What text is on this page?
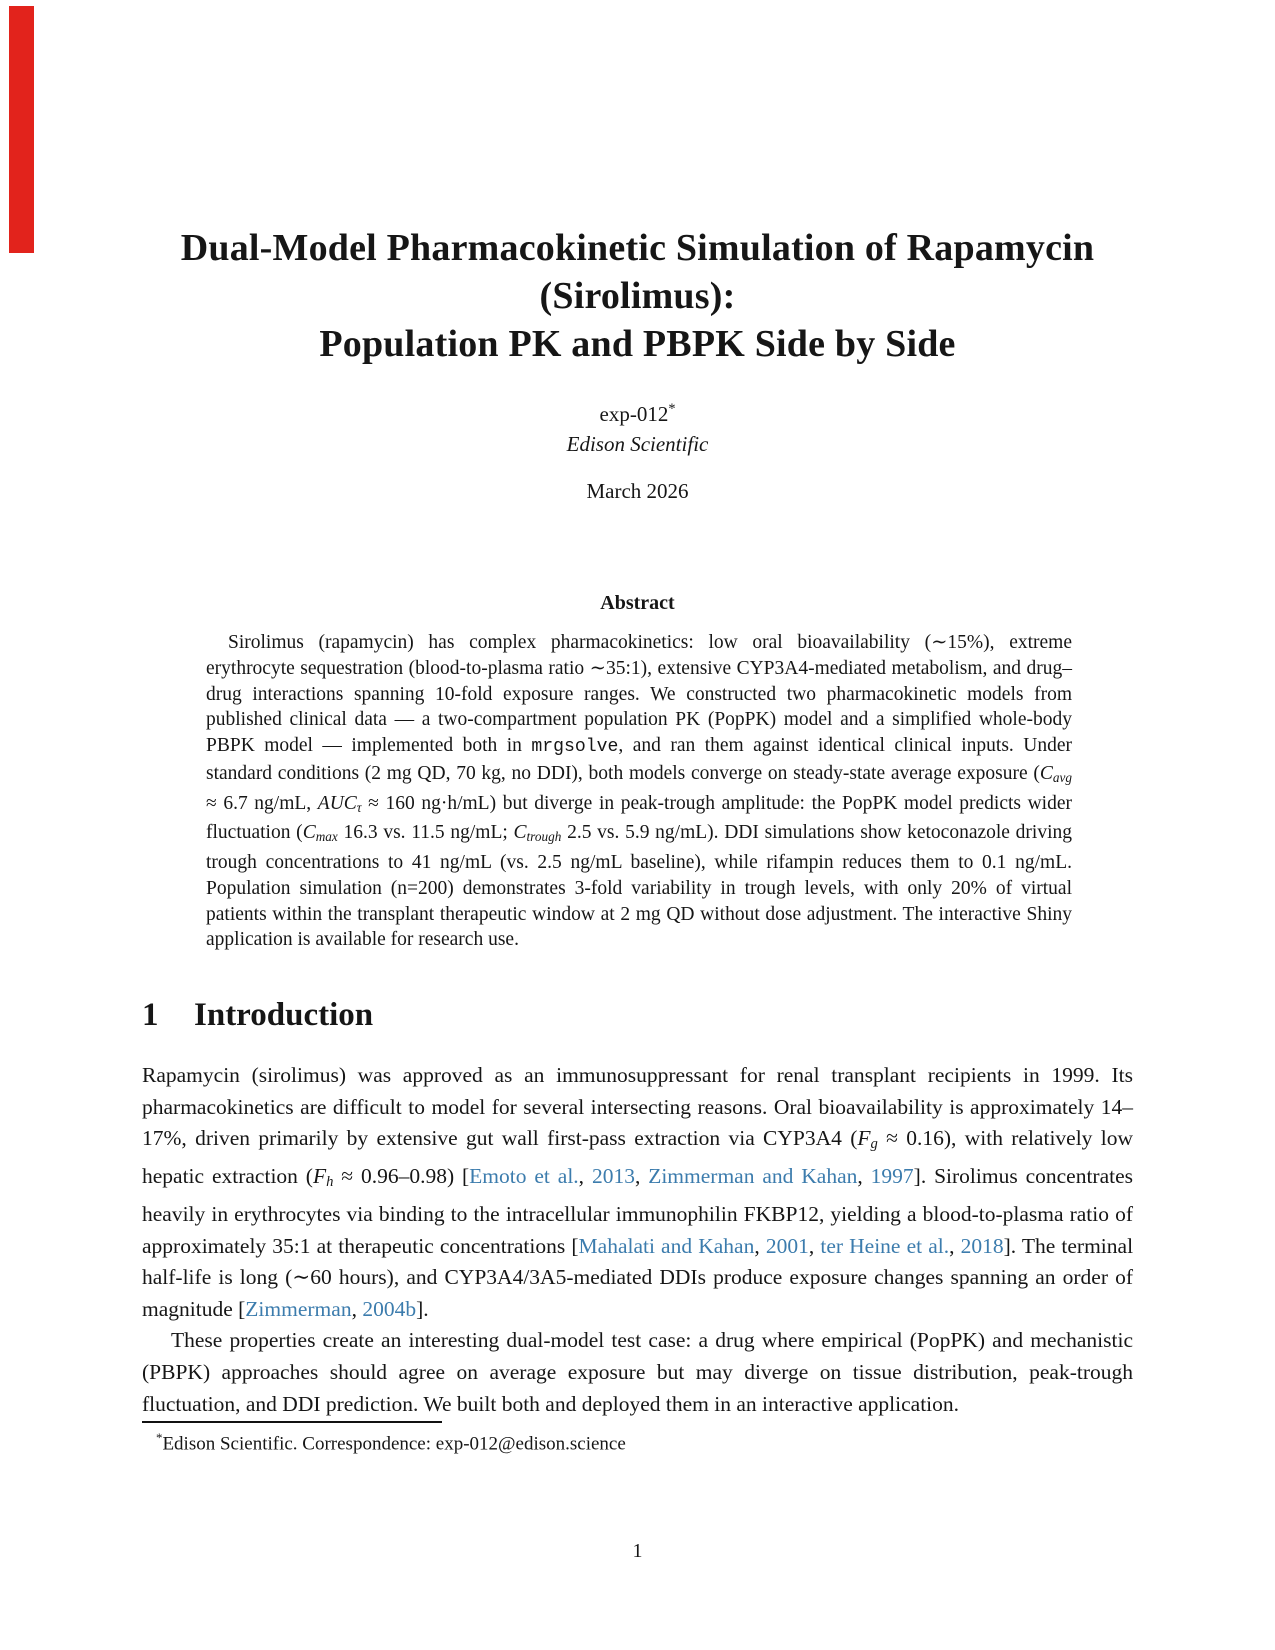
Dual-Model Pharmacokinetic Simulation of Rapamycin
(Sirolimus):
Population PK and PBPK Side by Side
exp-012*
Edison Scientific
March 2026
Abstract

Sirolimus (rapamycin) has complex pharmacokinetics: low oral bioavailability (∼15%), extreme erythrocyte sequestration (blood-to-plasma ratio ∼35:1), extensive CYP3A4-mediated metabolism, and drug–drug interactions spanning 10-fold exposure ranges. We constructed two pharmacokinetic models from published clinical data — a two-compartment population PK (PopPK) model and a simplified whole-body PBPK model — implemented both in mrgsolve, and ran them against identical clinical inputs. Under standard conditions (2 mg QD, 70 kg, no DDI), both models converge on steady-state average exposure (Cavg ≈ 6.7 ng/mL, AUCτ ≈ 160 ng·h/mL) but diverge in peak-trough amplitude: the PopPK model predicts wider fluctuation (Cmax 16.3 vs. 11.5 ng/mL; Ctrough 2.5 vs. 5.9 ng/mL). DDI simulations show ketoconazole driving trough concentrations to 41 ng/mL (vs. 2.5 ng/mL baseline), while rifampin reduces them to 0.1 ng/mL. Population simulation (n=200) demonstrates 3-fold variability in trough levels, with only 20% of virtual patients within the transplant therapeutic window at 2 mg QD without dose adjustment. The interactive Shiny application is available for research use.

1 Introduction

Rapamycin (sirolimus) was approved as an immunosuppressant for renal transplant recipients in 1999. Its pharmacokinetics are difficult to model for several intersecting reasons. Oral bioavailability is approximately 14–17%, driven primarily by extensive gut wall first-pass extraction via CYP3A4 (Fg ≈ 0.16), with relatively low hepatic extraction (Fh ≈ 0.96–0.98) [Emoto et al., 2013, Zimmerman and Kahan, 1997]. Sirolimus concentrates heavily in erythrocytes via binding to the intracellular immunophilin FKBP12, yielding a blood-to-plasma ratio of approximately 35:1 at therapeutic concentrations [Mahalati and Kahan, 2001, ter Heine et al., 2018]. The terminal half-life is long (∼60 hours), and CYP3A4/3A5-mediated DDIs produce exposure changes spanning an order of magnitude [Zimmerman, 2004b].

These properties create an interesting dual-model test case: a drug where empirical (PopPK) and mechanistic (PBPK) approaches should agree on average exposure but may diverge on tissue distribution, peak-trough fluctuation, and DDI prediction. We built both and deployed them in an interactive application.

*Edison Scientific. Correspondence: exp-012@edison.science
1
